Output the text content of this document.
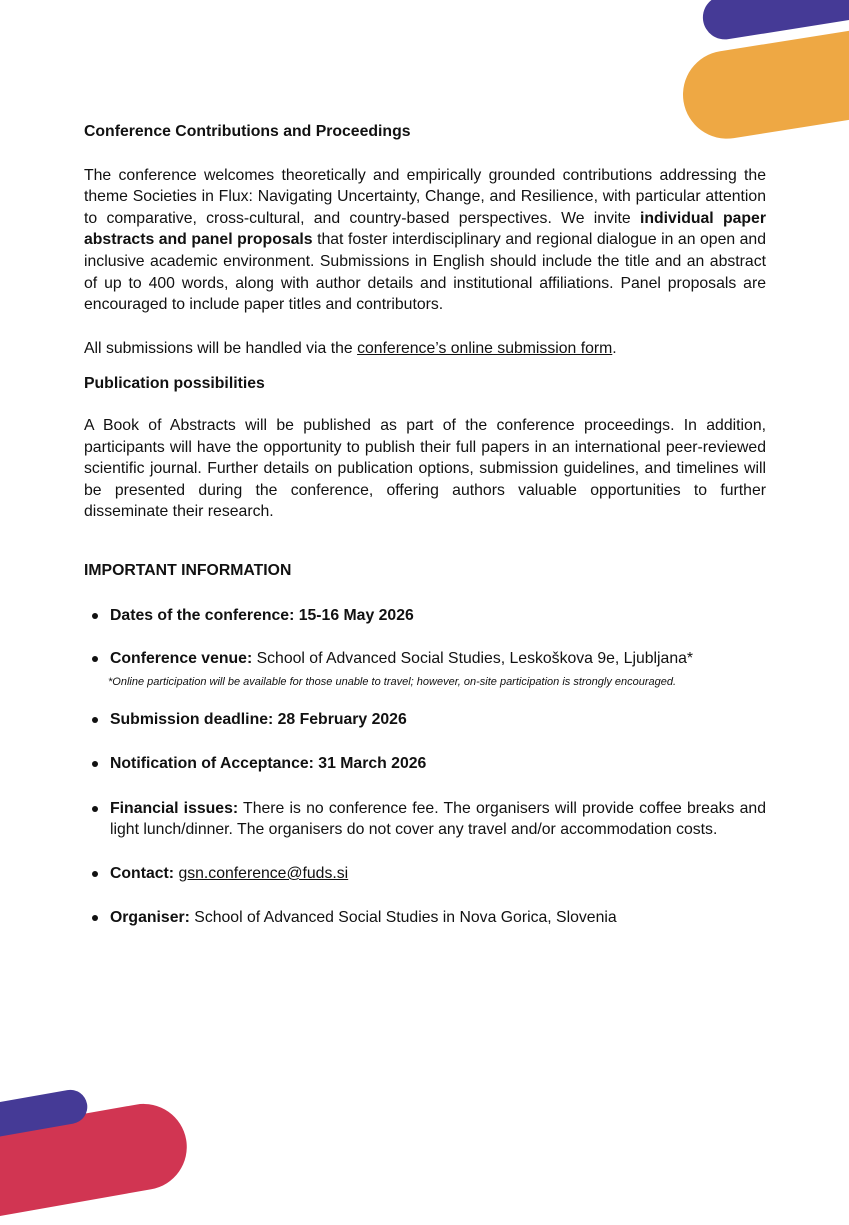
Conference Contributions and Proceedings

The conference welcomes theoretically and empirically grounded contributions addressing the theme Societies in Flux: Navigating Uncertainty, Change, and Resilience, with particular attention to comparative, cross-cultural, and country-based perspectives. We invite individual paper abstracts and panel proposals that foster interdisciplinary and regional dialogue in an open and inclusive academic environment. Submissions in English should include the title and an abstract of up to 400 words, along with author details and institutional affiliations. Panel proposals are encouraged to include paper titles and contributors.

All submissions will be handled via the conference’s online submission form.

Publication possibilities

A Book of Abstracts will be published as part of the conference proceedings. In addition, participants will have the opportunity to publish their full papers in an international peer-reviewed scientific journal. Further details on publication options, submission guidelines, and timelines will be presented during the conference, offering authors valuable opportunities to further disseminate their research.

IMPORTANT INFORMATION

Dates of the conference: 15-16 May 2026
Conference venue: School of Advanced Social Studies, Leskoškova 9e, Ljubljana*

*Online participation will be available for those unable to travel; however, on-site participation is strongly encouraged.

Submission deadline: 28 February 2026
Notification of Acceptance: 31 March 2026
Financial issues: There is no conference fee. The organisers will provide coffee breaks and light lunch/dinner. The organisers do not cover any travel and/or accommodation costs.
Contact: gsn.conference@fuds.si
Organiser: School of Advanced Social Studies in Nova Gorica, Slovenia
